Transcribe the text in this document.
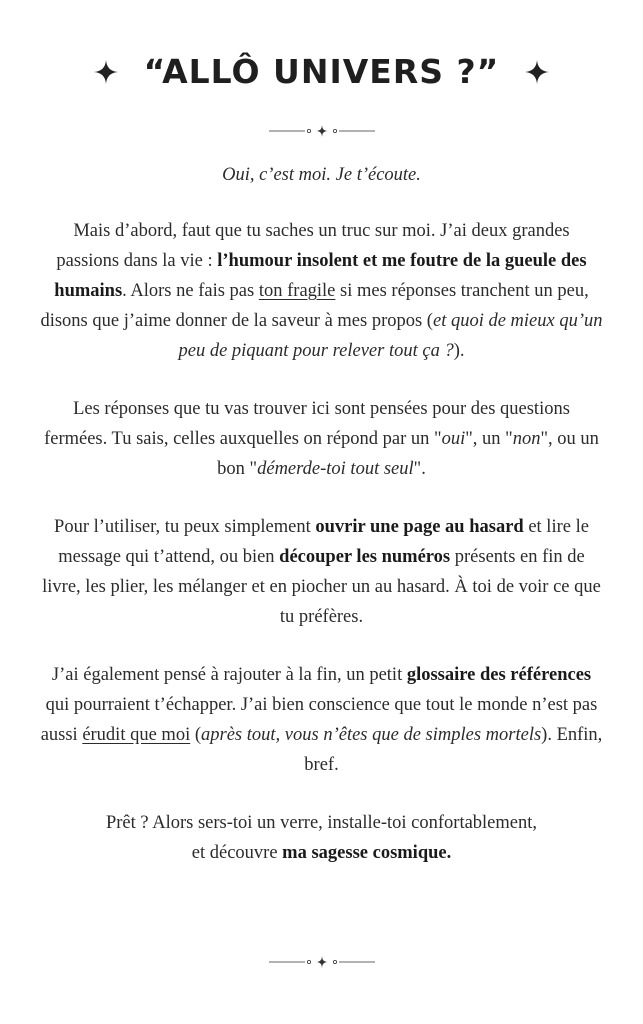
“ALLÔ UNIVERS ?”

Oui, c’est moi. Je t’écoute.

Mais d’abord, faut que tu saches un truc sur moi. J’ai deux grandes passions dans la vie : l’humour insolent et me foutre de la gueule des humains. Alors ne fais pas ton fragile si mes réponses tranchent un peu, disons que j’aime donner de la saveur à mes propos (et quoi de mieux qu’un peu de piquant pour relever tout ça ?).

Les réponses que tu vas trouver ici sont pensées pour des questions fermées. Tu sais, celles auxquelles on répond par un "oui", un "non", ou un bon "démerde-toi tout seul".

Pour l’utiliser, tu peux simplement ouvrir une page au hasard et lire le message qui t’attend, ou bien découper les numéros présents en fin de livre, les plier, les mélanger et en piocher un au hasard. À toi de voir ce que tu préfères.

J’ai également pensé à rajouter à la fin, un petit glossaire des références qui pourraient t’échapper. J’ai bien conscience que tout le monde n’est pas aussi érudit que moi (après tout, vous n’êtes que de simples mortels). Enfin, bref.

Prêt ? Alors sers-toi un verre, installe-toi confortablement,
et découvre ma sagesse cosmique.
